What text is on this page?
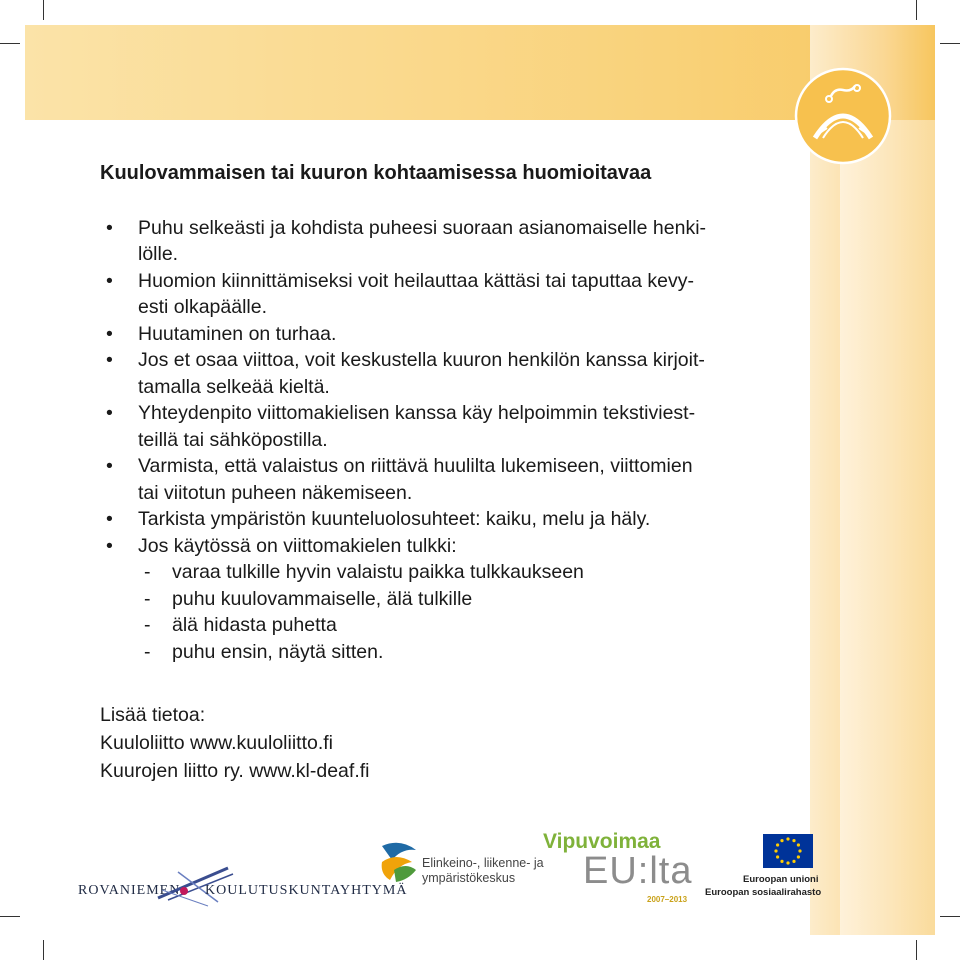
Kuulovammaisen tai kuuron kohtaamisessa huomioitavaa
• Puhu selkeästi ja kohdista puheesi suoraan asianomaiselle henki-
lölle.
• Huomion kiinnittämiseksi voit heilauttaa kättäsi tai taputtaa kevy-
esti olkapäälle.
• Huutaminen on turhaa.
• Jos et osaa viittoa, voit keskustella kuuron henkilön kanssa kirjoit-
tamalla selkeää kieltä.
• Yhteydenpito viittomakielisen kanssa käy helpoimmin tekstiviest-
teillä tai sähköpostilla.
• Varmista, että valaistus on riittävä huulilta lukemiseen, viittomien
tai viitotun puheen näkemiseen.
• Tarkista ympäristön kuunteluolosuhteet: kaiku, melu ja häly.
• Jos käytössä on viittomakielen tulkki:
- varaa tulkille hyvin valaistu paikka tulkkaukseen
- puhu kuulovammaiselle, älä tulkille
- älä hidasta puhetta
- puhu ensin, näytä sitten.
Lisää tietoa:
Kuuloliitto www.kuuloliitto.fi
Kuurojen liitto ry. www.kl-deaf.fi
ROVANIEMEN KOULUTUSKUNTAYHTYMÄ
Elinkeino-, liikenne- ja
ympäristökeskus
Vipuvoimaa
EU:lta
2007–2013
Euroopan unioni
Euroopan sosiaalirahasto
